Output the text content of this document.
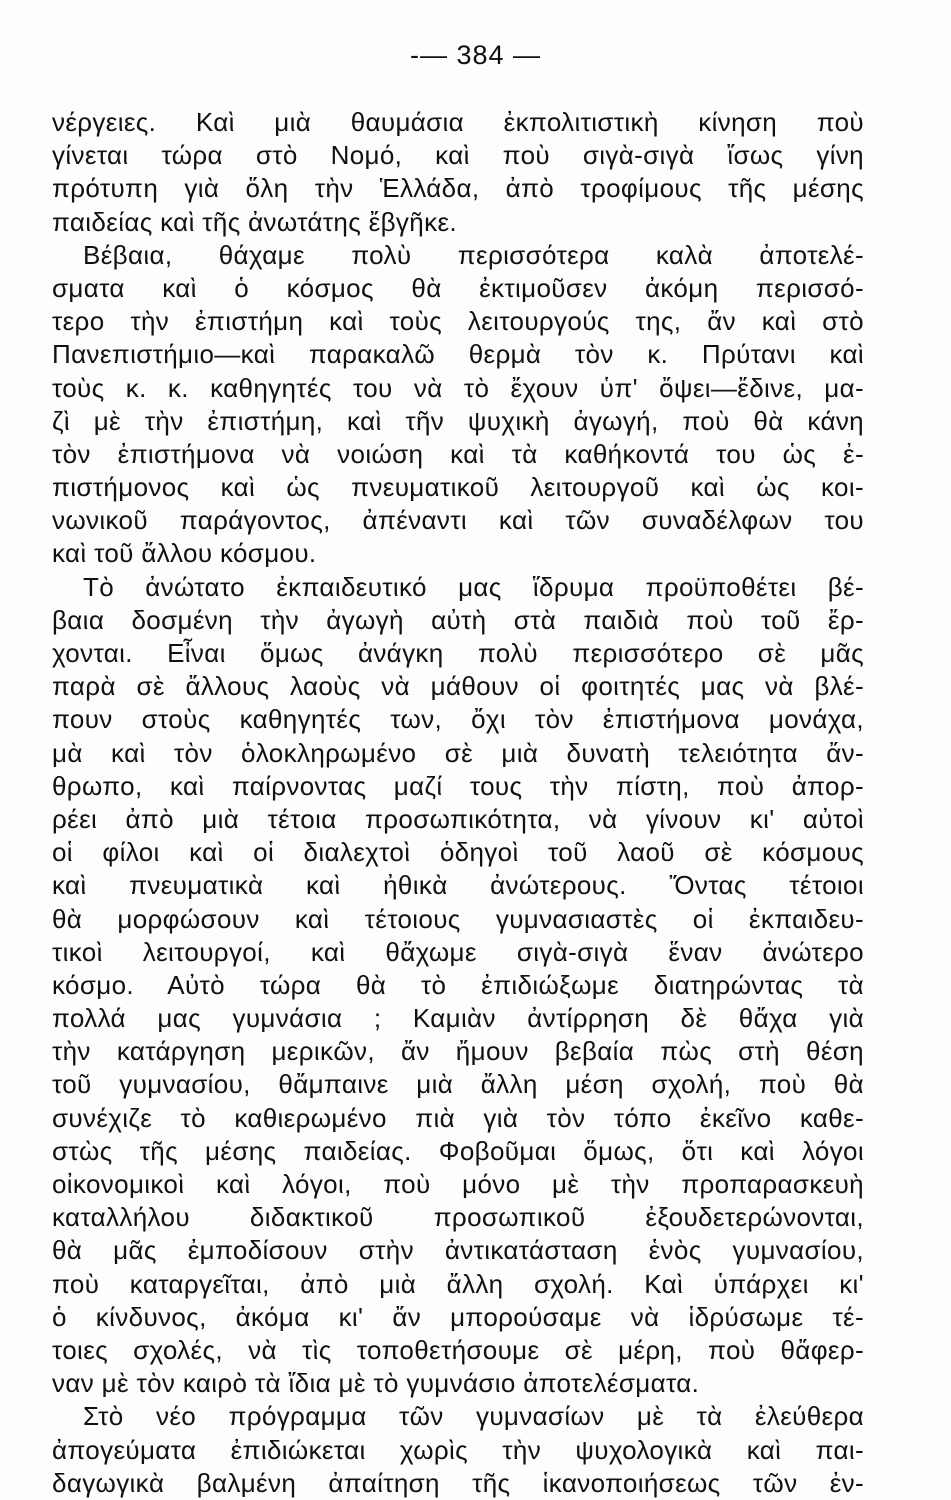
-— 384 —
νέργειες. Καὶ μιὰ θαυμάσια ἐκπολιτιστικὴ κίνηση ποὺ
γίνεται τώρα στὸ Νομό, καὶ ποὺ σιγὰ-σιγὰ ἴσως γίνη
πρότυπη γιὰ ὅλη τὴν Ἑλλάδα, ἀπὸ τροφίμους τῆς μέσης
παιδείας καὶ τῆς ἀνωτάτης ἔβγῆκε.
Βέβαια, θάχαμε πολὺ περισσότερα καλὰ ἀποτελέ-
σματα καὶ ὁ κόσμος θὰ ἐκτιμοῦσεν ἀκόμη περισσό-
τερο τὴν ἐπιστήμη καὶ τοὺς λειτουργούς της, ἄν καὶ στὸ
Πανεπιστήμιο—καὶ παρακαλῶ θερμὰ τὸν κ. Πρύτανι καὶ
τοὺς κ. κ. καθηγητές του νὰ τὸ ἔχουν ὑπ' ὄψει—ἔδινε, μα-
ζὶ μὲ τὴν ἐπιστήμη, καὶ τῆν ψυχικὴ ἀγωγή, ποὺ θὰ κάνη
τὸν ἐπιστήμονα νὰ νοιώση καὶ τὰ καθήκοντά του ὡς ἐ-
πιστήμονος καὶ ὡς πνευματικοῦ λειτουργοῦ καὶ ὡς κοι-
νωνικοῦ παράγοντος, ἀπέναντι καὶ τῶν συναδέλφων του
καὶ τοῦ ἄλλου κόσμου.
Τὸ ἀνώτατο ἐκπαιδευτικό μας ἵδρυμα προϋποθέτει βέ-
βαια δοσμένη τὴν ἀγωγὴ αὐτὴ στὰ παιδιὰ ποὺ τοῦ ἔρ-
χονται. Εἶναι ὅμως ἀνάγκη πολὺ περισσότερο σὲ μᾶς
παρὰ σὲ ἄλλους λαοὺς νὰ μάθουν οἱ φοιτητές μας νὰ βλέ-
πουν στοὺς καθηγητές των, ὄχι τὸν ἐπιστήμονα μονάχα,
μὰ καὶ τὸν ὁλοκληρωμένο σὲ μιὰ δυνατὴ τελειότητα ἄν-
θρωπο, καὶ παίρνοντας μαζί τους τὴν πίστη, ποὺ ἀπορ-
ρέει ἀπὸ μιὰ τέτοια προσωπικότητα, νὰ γίνουν κι' αὐτοὶ
οἱ φίλοι καὶ οἱ διαλεχτοὶ ὁδηγοὶ τοῦ λαοῦ σὲ κόσμους
καὶ πνευματικὰ καὶ ἠθικὰ ἀνώτερους. Ὄντας τέτοιοι
θὰ μορφώσουν καὶ τέτοιους γυμνασιαστὲς οἱ ἐκπαιδευ-
τικοὶ λειτουργοί, καὶ θἄχωμε σιγὰ-σιγὰ ἕναν ἀνώτερο
κόσμο. Αὐτὸ τώρα θὰ τὸ ἐπιδιώξωμε διατηρώντας τὰ
πολλά μας γυμνάσια ; Καμιὰν ἀντίρρηση δὲ θἄχα γιὰ
τὴν κατάργηση μερικῶν, ἄν ἤμουν βεβαία πὼς στὴ θέση
τοῦ γυμνασίου, θἄμπαινε μιὰ ἄλλη μέση σχολή, ποὺ θὰ
συνέχιζε τὸ καθιερωμένο πιὰ γιὰ τὸν τόπο ἐκεῖνο καθε-
στὼς τῆς μέσης παιδείας. Φοβοῦμαι ὅμως, ὅτι καὶ λόγοι
οἰκονομικοὶ καὶ λόγοι, ποὺ μόνο μὲ τὴν προπαρασκευὴ
καταλλήλου διδακτικοῦ προσωπικοῦ ἐξουδετερώνονται,
θὰ μᾶς ἐμποδίσουν στὴν ἀντικατάσταση ἑνὸς γυμνασίου,
ποὺ καταργεῖται, ἀπὸ μιὰ ἄλλη σχολή. Καὶ ὑπάρχει κι'
ὁ κίνδυνος, ἀκόμα κι' ἄν μπορούσαμε νὰ ἱδρύσωμε τέ-
τοιες σχολές, νὰ τὶς τοποθετήσουμε σὲ μέρη, ποὺ θἄφερ-
ναν μὲ τὸν καιρὸ τὰ ἴδια μὲ τὸ γυμνάσιο ἀποτελέσματα.
Στὸ νέο πρόγραμμα τῶν γυμνασίων μὲ τὰ ἐλεύθερα
ἀπογεύματα ἐπιδιώκεται χωρὶς τὴν ψυχολογικὰ καὶ παι-
δαγωγικὰ βαλμένη ἀπαίτηση τῆς ἱκανοποιήσεως τῶν ἐν-
